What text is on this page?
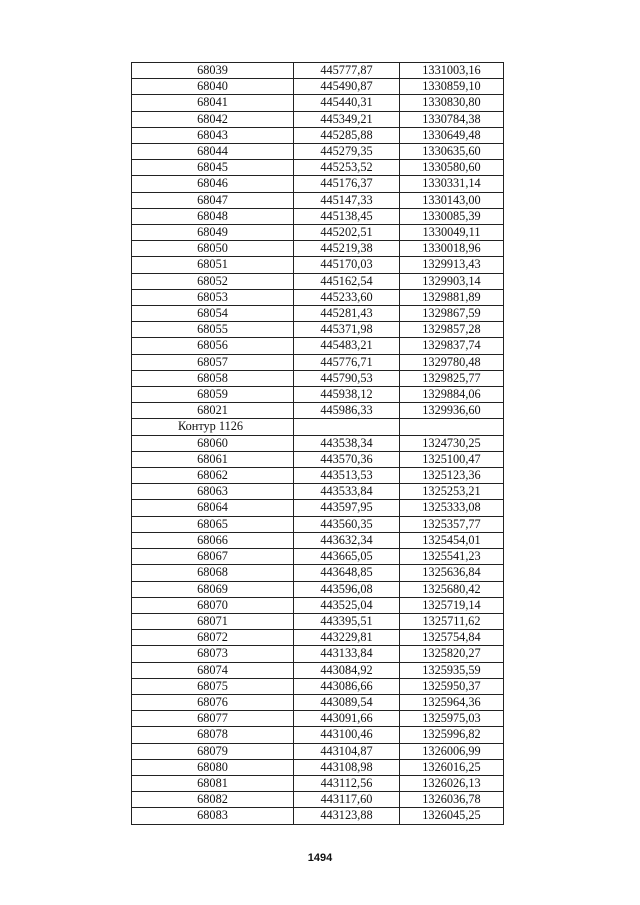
68039	445777,87	1331003,16
68040	445490,87	1330859,10
68041	445440,31	1330830,80
68042	445349,21	1330784,38
68043	445285,88	1330649,48
68044	445279,35	1330635,60
68045	445253,52	1330580,60
68046	445176,37	1330331,14
68047	445147,33	1330143,00
68048	445138,45	1330085,39
68049	445202,51	1330049,11
68050	445219,38	1330018,96
68051	445170,03	1329913,43
68052	445162,54	1329903,14
68053	445233,60	1329881,89
68054	445281,43	1329867,59
68055	445371,98	1329857,28
68056	445483,21	1329837,74
68057	445776,71	1329780,48
68058	445790,53	1329825,77
68059	445938,12	1329884,06
68021	445986,33	1329936,60
Контур 1126		
68060	443538,34	1324730,25
68061	443570,36	1325100,47
68062	443513,53	1325123,36
68063	443533,84	1325253,21
68064	443597,95	1325333,08
68065	443560,35	1325357,77
68066	443632,34	1325454,01
68067	443665,05	1325541,23
68068	443648,85	1325636,84
68069	443596,08	1325680,42
68070	443525,04	1325719,14
68071	443395,51	1325711,62
68072	443229,81	1325754,84
68073	443133,84	1325820,27
68074	443084,92	1325935,59
68075	443086,66	1325950,37
68076	443089,54	1325964,36
68077	443091,66	1325975,03
68078	443100,46	1325996,82
68079	443104,87	1326006,99
68080	443108,98	1326016,25
68081	443112,56	1326026,13
68082	443117,60	1326036,78
68083	443123,88	1326045,25
1494
